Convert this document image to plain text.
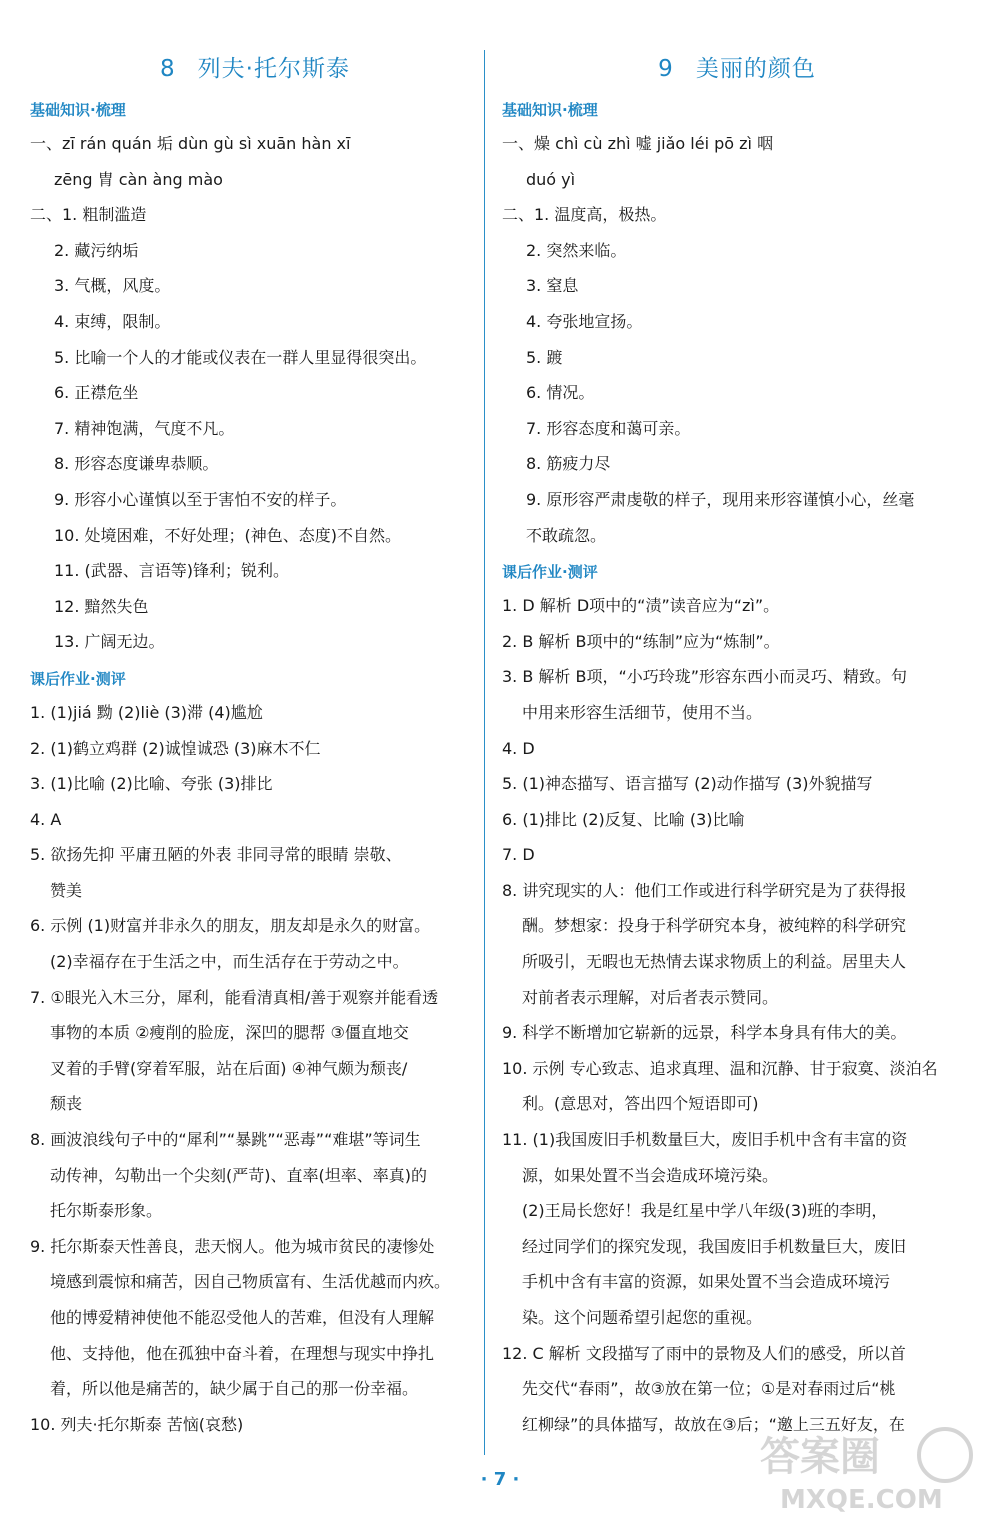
8 列夫·托尔斯泰
基础知识·梳理
一、zī rán quán 垢 dùn gù sì xuān hàn xī
zēng 胄 càn àng mào
二、1. 粗制滥造
2. 藏污纳垢
3. 气概，风度。
4. 束缚，限制。
5. 比喻一个人的才能或仪表在一群人里显得很突出。
6. 正襟危坐
7. 精神饱满，气度不凡。
8. 形容态度谦卑恭顺。
9. 形容小心谨慎以至于害怕不安的样子。
10. 处境困难，不好处理；(神色、态度)不自然。
11. (武器、言语等)锋利；锐利。
12. 黯然失色
13. 广阔无边。
课后作业·测评
1. (1)jiá 黝 (2)liè (3)滞 (4)尴尬
2. (1)鹤立鸡群 (2)诚惶诚恐 (3)麻木不仁
3. (1)比喻 (2)比喻、夸张 (3)排比
4. A
5. 欲扬先抑 平庸丑陋的外表 非同寻常的眼睛 崇敬、
赞美
6. 示例 (1)财富并非永久的朋友，朋友却是永久的财富。
(2)幸福存在于生活之中，而生活存在于劳动之中。
7. ①眼光入木三分，犀利，能看清真相/善于观察并能看透
事物的本质 ②瘦削的脸庞，深凹的腮帮 ③僵直地交
叉着的手臂(穿着军服，站在后面) ④神气颇为颓丧/
颓丧
8. 画波浪线句子中的“犀利”“暴跳”“恶毒”“难堪”等词生
动传神，勾勒出一个尖刻(严苛)、直率(坦率、率真)的
托尔斯泰形象。
9. 托尔斯泰天性善良，悲天悯人。他为城市贫民的凄惨处
境感到震惊和痛苦，因自己物质富有、生活优越而内疚。
他的博爱精神使他不能忍受他人的苦难，但没有人理解
他、支持他，他在孤独中奋斗着，在理想与现实中挣扎
着，所以他是痛苦的，缺少属于自己的那一份幸福。
10. 列夫·托尔斯泰 苦恼(哀愁)
9 美丽的颜色
基础知识·梳理
一、燥 chì cù zhì 嘘 jiǎo léi pō zì 咽
duó yì
二、1. 温度高，极热。
2. 突然来临。
3. 窒息
4. 夸张地宣扬。
5. 踱
6. 情况。
7. 形容态度和蔼可亲。
8. 筋疲力尽
9. 原形容严肃虔敬的样子，现用来形容谨慎小心，丝毫
不敢疏忽。
课后作业·测评
1. D 解析 D项中的“渍”读音应为“zì”。
2. B 解析 B项中的“练制”应为“炼制”。
3. B 解析 B项，“小巧玲珑”形容东西小而灵巧、精致。句
中用来形容生活细节，使用不当。
4. D
5. (1)神态描写、语言描写 (2)动作描写 (3)外貌描写
6. (1)排比 (2)反复、比喻 (3)比喻
7. D
8. 讲究现实的人：他们工作或进行科学研究是为了获得报
酬。梦想家：投身于科学研究本身，被纯粹的科学研究
所吸引，无暇也无热情去谋求物质上的利益。居里夫人
对前者表示理解，对后者表示赞同。
9. 科学不断增加它崭新的远景，科学本身具有伟大的美。
10. 示例 专心致志、追求真理、温和沉静、甘于寂寞、淡泊名
利。(意思对，答出四个短语即可)
11. (1)我国废旧手机数量巨大，废旧手机中含有丰富的资
源，如果处置不当会造成环境污染。
(2)王局长您好！我是红星中学八年级(3)班的李明，
经过同学们的探究发现，我国废旧手机数量巨大，废旧
手机中含有丰富的资源，如果处置不当会造成环境污
染。这个问题希望引起您的重视。
12. C 解析 文段描写了雨中的景物及人们的感受，所以首
先交代“春雨”，故③放在第一位；①是对春雨过后“桃
红柳绿”的具体描写，故放在③后；“邀上三五好友，在
· 7 ·	答案圈
MXQE.COM
